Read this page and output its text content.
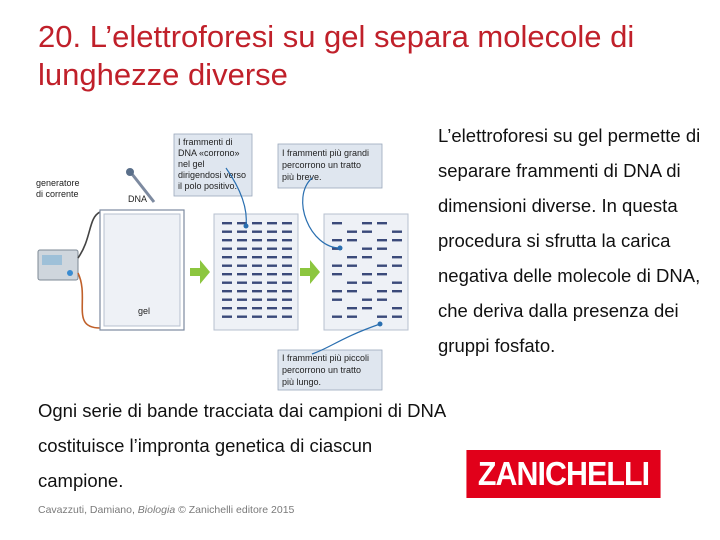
20. L’elettroforesi su gel separa molecole di lunghezze diverse
I frammenti di
DNA «corrono»
nel gel
dirigendosi verso
il polo positivo.
I frammenti più grandi
percorrono un tratto
più breve.
I frammenti più piccoli
percorrono un tratto
più lungo.
generatore
di corrente	DNA
gel
L’elettroforesi su gel permette di separare frammenti di DNA di dimensioni diverse. In questa procedura si sfrutta la carica negativa delle molecole di DNA, che deriva dalla presenza dei gruppi fosfato.
Ogni serie di bande tracciata dai campioni di DNA costituisce l’impronta genetica di ciascun campione.
Cavazzuti, Damiano, Biologia © Zanichelli editore 2015
ZANICHELLI
